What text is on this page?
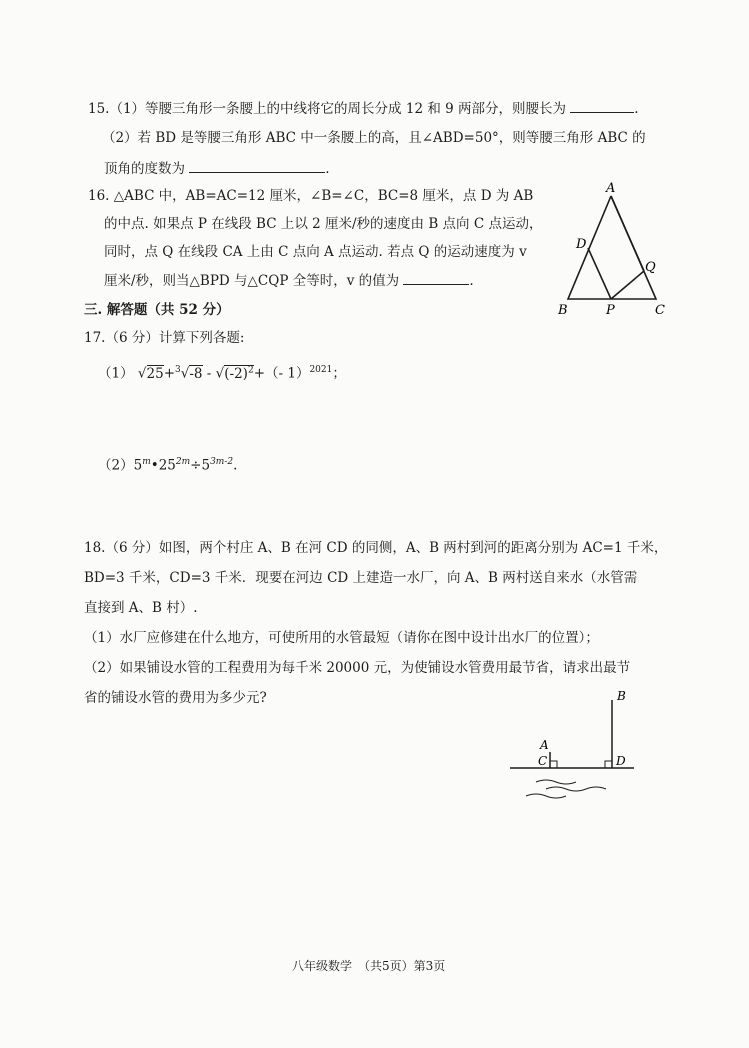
15.（1）等腰三角形一条腰上的中线将它的周长分成 12 和 9 两部分，则腰长为	.
（2）若 BD 是等腰三角形 ABC 中一条腰上的高，且∠ABD=50°，则等腰三角形 ABC 的
顶角的度数为	.
16. △ABC 中，AB=AC=12 厘米，∠B=∠C，BC=8 厘米，点 D 为 AB
的中点. 如果点 P 在线段 BC 上以 2 厘米/秒的速度由 B 点向 C 点运动，
同时，点 Q 在线段 CA 上由 C 点向 A 点运动. 若点 Q 的运动速度为 v
厘米/秒，则当△BPD 与△CQP 全等时，v 的值为	.
A
D
Q
B	P	C
三. 解答题（共 52 分）
17.（6 分）计算下列各题:
（1） $√25+^3√-8 - √(-2)^2+(-$ 1）$^{2021}$；
$(2)5^m•25^{2m}\div 5^{3m-2}$.
18.（6 分）如图，两个村庄 A、B 在河 CD 的同侧，A、B 两村到河的距离分别为 AC=1 千米，
BD=3 千米，CD=3 千米．现要在河边 CD 上建造一水厂，向 A、B 两村送自来水（水管需
直接到 A、B 村）.
（1）水厂应修建在什么地方，可使所用的水管最短（请你在图中设计出水厂的位置）；
（2）如果铺设水管的工程费用为每千米 20000 元，为使铺设水管费用最节省，请求出最节
省的铺设水管的费用为多少元?	B
A
C	D
八年级数学　（共5页）第3页
